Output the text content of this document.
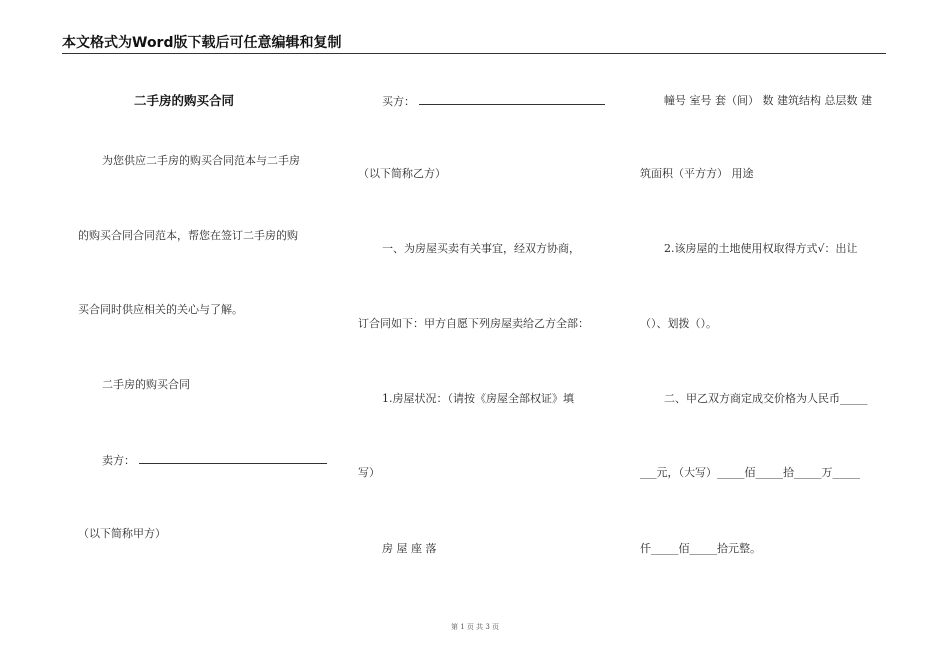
本文格式为Word版下载后可任意编辑和复制
二手房的购买合同
为您供应二手房的购买合同范本与二手房
的购买合同合同范本，帮您在签订二手房的购
买合同时供应相关的关心与了解。
二手房的购买合同
卖方：
（以下简称甲方）
买方：
（以下简称乙方）
一、为房屋买卖有关事宜，经双方协商，
订合同如下：甲方自愿下列房屋卖给乙方全部：
1.房屋状况：（请按《房屋全部权证》填
写）
房 屋 座 落
幢号 室号 套（间） 数 建筑结构 总层数 建
筑面积（平方方） 用途
2.该房屋的土地使用权取得方式√：出让
（）、划拨（）。
二、甲乙双方商定成交价格为人民币_____
___元，（大写）_____佰_____拾_____万_____
仟_____佰_____拾元整。
第 1 页 共 3 页
